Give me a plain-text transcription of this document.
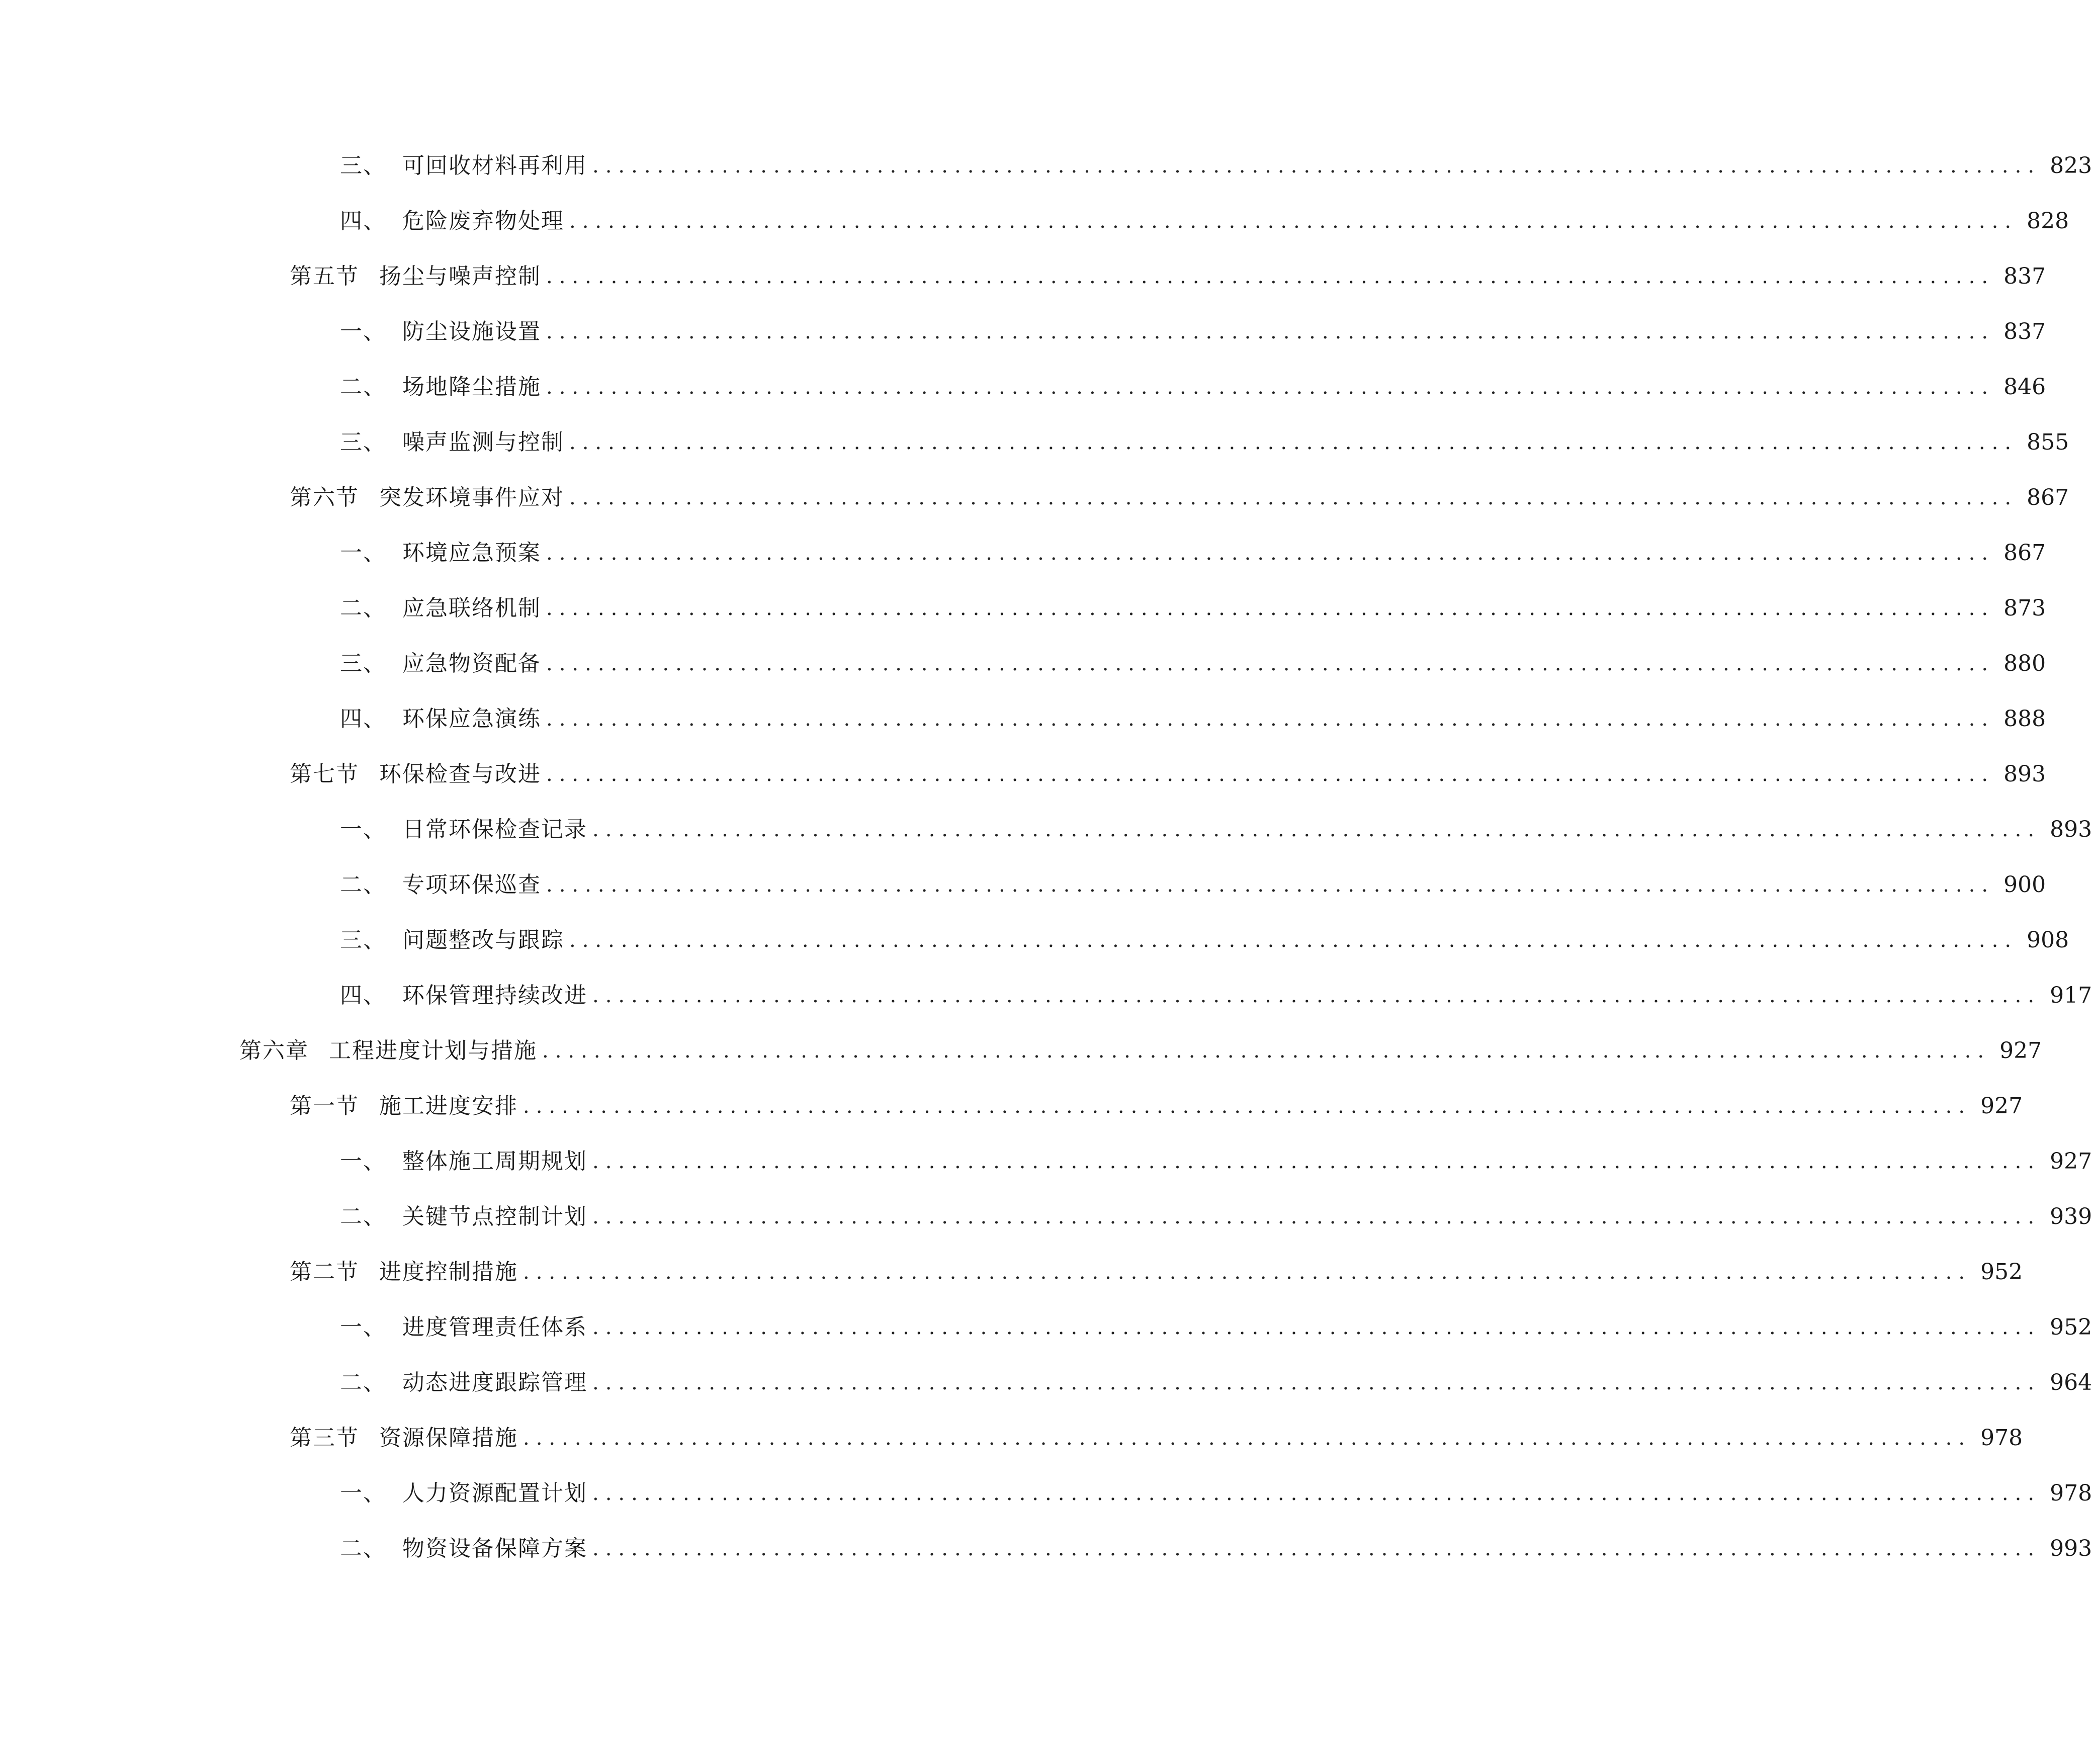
三、 可回收材料再利用 ................................................................................................................ 823
四、 危险废弃物处理 ................................................................................................................ 828
第五节 扬尘与噪声控制 ................................................................................................................ 837
一、 防尘设施设置 ................................................................................................................ 837
二、 场地降尘措施 ................................................................................................................ 846
三、 噪声监测与控制 ................................................................................................................ 855
第六节 突发环境事件应对 ................................................................................................................ 867
一、 环境应急预案 ................................................................................................................ 867
二、 应急联络机制 ................................................................................................................ 873
三、 应急物资配备 ................................................................................................................ 880
四、 环保应急演练 ................................................................................................................ 888
第七节 环保检查与改进 ................................................................................................................ 893
一、 日常环保检查记录 ................................................................................................................ 893
二、 专项环保巡查 ................................................................................................................ 900
三、 问题整改与跟踪 ................................................................................................................ 908
四、 环保管理持续改进 ................................................................................................................ 917
第六章 工程进度计划与措施 ................................................................................................................ 927
第一节 施工进度安排 ................................................................................................................ 927
一、 整体施工周期规划 ................................................................................................................ 927
二、 关键节点控制计划 ................................................................................................................ 939
第二节 进度控制措施 ................................................................................................................ 952
一、 进度管理责任体系 ................................................................................................................ 952
二、 动态进度跟踪管理 ................................................................................................................ 964
第三节 资源保障措施 ................................................................................................................ 978
一、 人力资源配置计划 ................................................................................................................ 978
二、 物资设备保障方案 ................................................................................................................ 993
